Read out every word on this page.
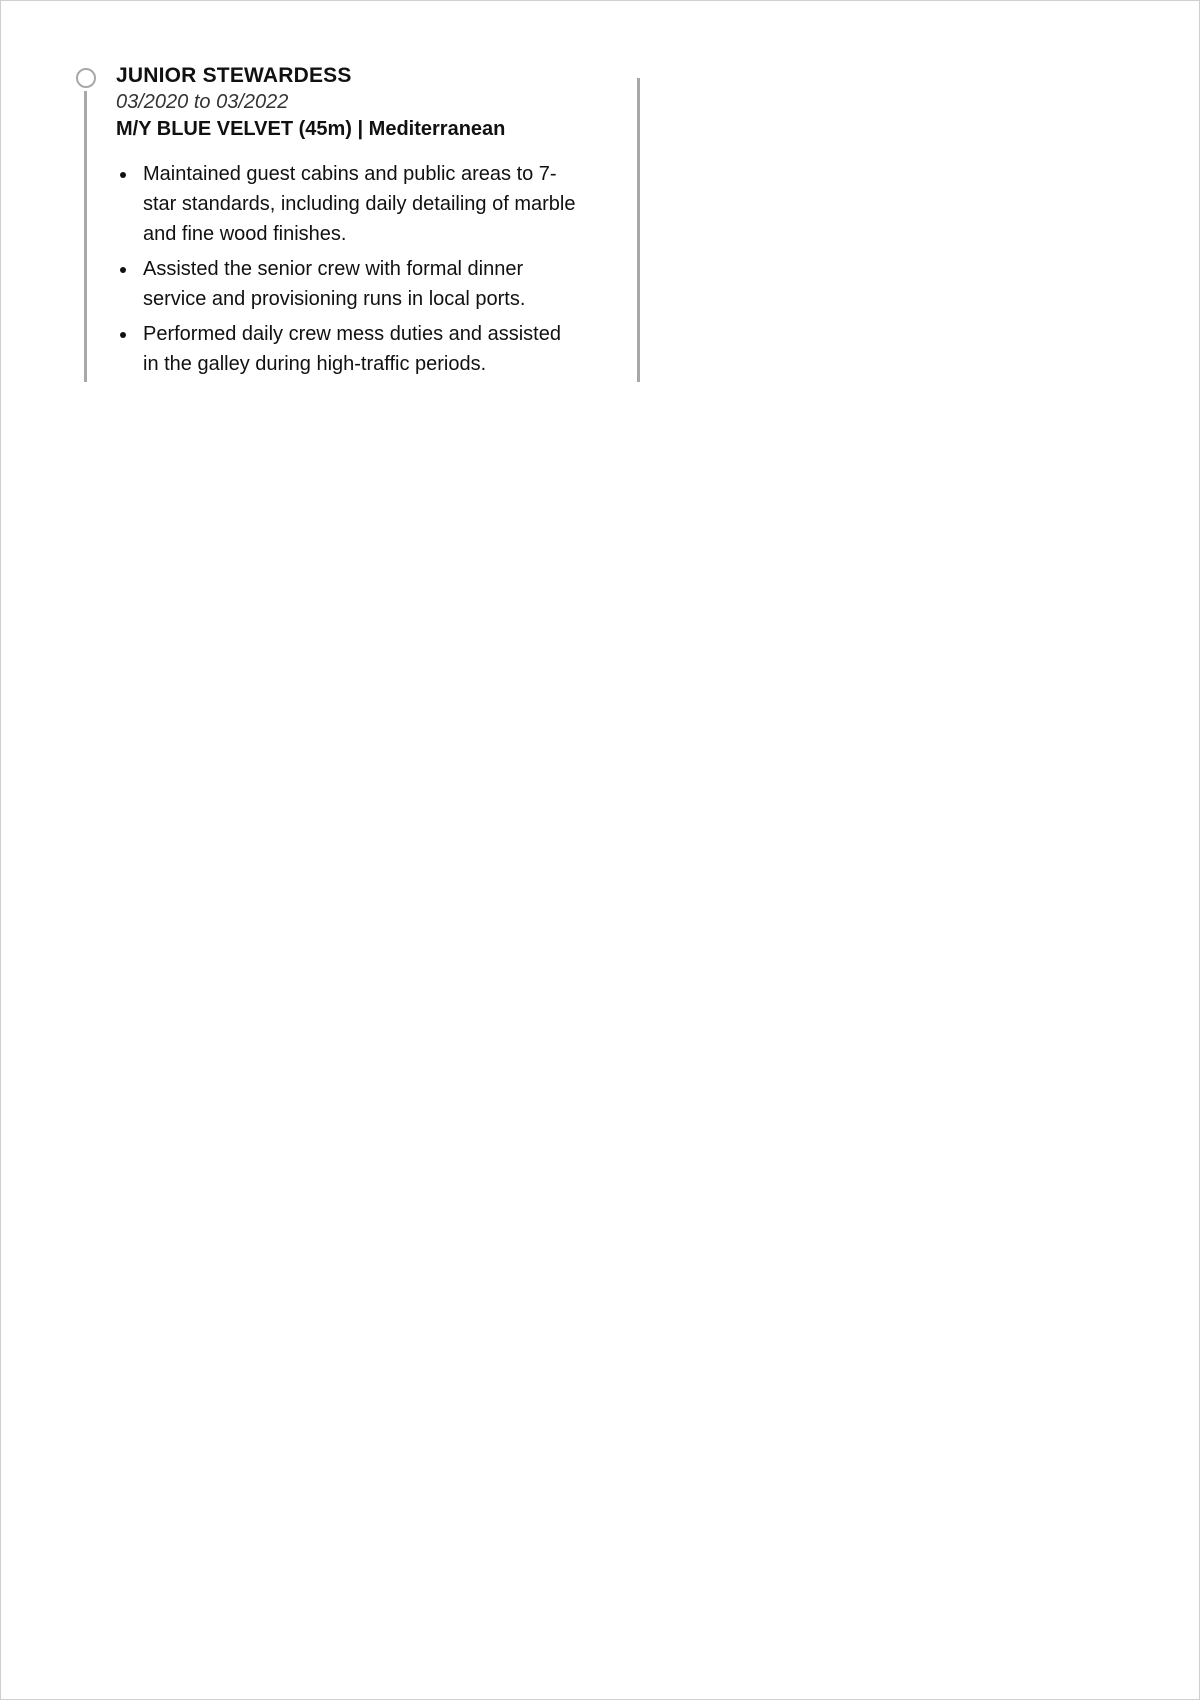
JUNIOR STEWARDESS
03/2020 to 03/2022
M/Y BLUE VELVET (45m) | Mediterranean
Maintained guest cabins and public areas to 7-star standards, including daily detailing of marble and fine wood finishes.
Assisted the senior crew with formal dinner service and provisioning runs in local ports.
Performed daily crew mess duties and assisted in the galley during high-traffic periods.
